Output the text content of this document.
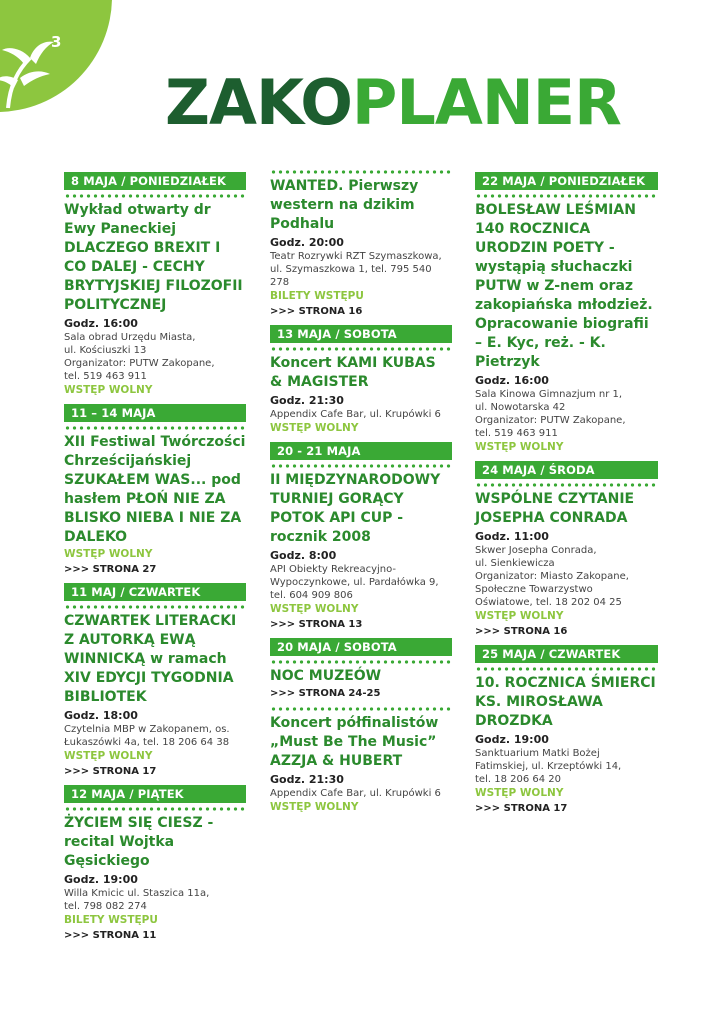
3
ZAKOPLANER
8 MAJA / PONIEDZIAŁEK
Wykład otwarty dr Ewy Paneckiej DLACZEGO BREXIT I CO DALEJ - CECHY BRYTYJSKIEJ FILOZOFII POLITYCZNEJ
Godz. 16:00
Sala obrad Urzędu Miasta,
ul. Kościuszki 13
Organizator: PUTW Zakopane,
tel. 519 463 911
WSTĘP WOLNY
11 – 14 MAJA
XII Festiwal Twórczości Chrześcijańskiej SZUKAŁEM WAS... pod hasłem PŁOŃ NIE ZA BLISKO NIEBA I NIE ZA DALEKO
WSTĘP WOLNY
>>> STRONA 27
11 MAJ / CZWARTEK
CZWARTEK LITERACKI Z AUTORKĄ EWĄ WINNICKĄ w ramach XIV EDYCJI TYGODNIA BIBLIOTEK
Godz. 18:00
Czytelnia MBP w Zakopanem, os.
Łukaszówki 4a, tel. 18 206 64 38
WSTĘP WOLNY
>>> STRONA 17
12 MAJA / PIĄTEK
ŻYCIEM SIĘ CIESZ - recital Wojtka Gęsickiego
Godz. 19:00
Willa Kmicic ul. Staszica 11a,
tel. 798 082 274
BILETY WSTĘPU
>>> STRONA 11
WANTED. Pierwszy western na dzikim Podhalu
Godz. 20:00
Teatr Rozrywki RZT Szymaszkowa,
ul. Szymaszkowa 1, tel. 795 540 278
BILETY WSTĘPU
>>> STRONA 16
13 MAJA / SOBOTA
Koncert KAMI KUBAS & MAGISTER
Godz. 21:30
Appendix Cafe Bar, ul. Krupówki 6
WSTĘP WOLNY
20 - 21 MAJA
II MIĘDZYNARODOWY TURNIEJ GORĄCY POTOK API CUP - rocznik 2008
Godz. 8:00
API Obiekty Rekreacyjno-
Wypoczynkowe, ul. Pardałówka 9,
tel. 604 909 806
WSTĘP WOLNY
>>> STRONA 13
20 MAJA / SOBOTA
NOC MUZEÓW
>>> STRONA 24-25
Koncert półfinalistów „Must Be The Music” AZZJA & HUBERT
Godz. 21:30
Appendix Cafe Bar, ul. Krupówki 6
WSTĘP WOLNY
22 MAJA / PONIEDZIAŁEK
BOLESŁAW LEŚMIAN 140 ROCZNICA URODZIN POETY - wystąpią słuchaczki PUTW w Z-nem oraz zakopiańska młodzież. Opracowanie biografii – E. Kyc, reż. - K. Pietrzyk
Godz. 16:00
Sala Kinowa Gimnazjum nr 1,
ul. Nowotarska 42
Organizator: PUTW Zakopane,
tel. 519 463 911
WSTĘP WOLNY
24 MAJA / ŚRODA
WSPÓLNE CZYTANIE JOSEPHA CONRADA
Godz. 11:00
Skwer Josepha Conrada,
ul. Sienkiewicza
Organizator: Miasto Zakopane,
Społeczne Towarzystwo
Oświatowe, tel. 18 202 04 25
WSTĘP WOLNY
>>> STRONA 16
25 MAJA / CZWARTEK
10. ROCZNICA ŚMIERCI KS. MIROSŁAWA DROZDKA
Godz. 19:00
Sanktuarium Matki Bożej
Fatimskiej, ul. Krzeptówki 14,
tel. 18 206 64 20
WSTĘP WOLNY
>>> STRONA 17
